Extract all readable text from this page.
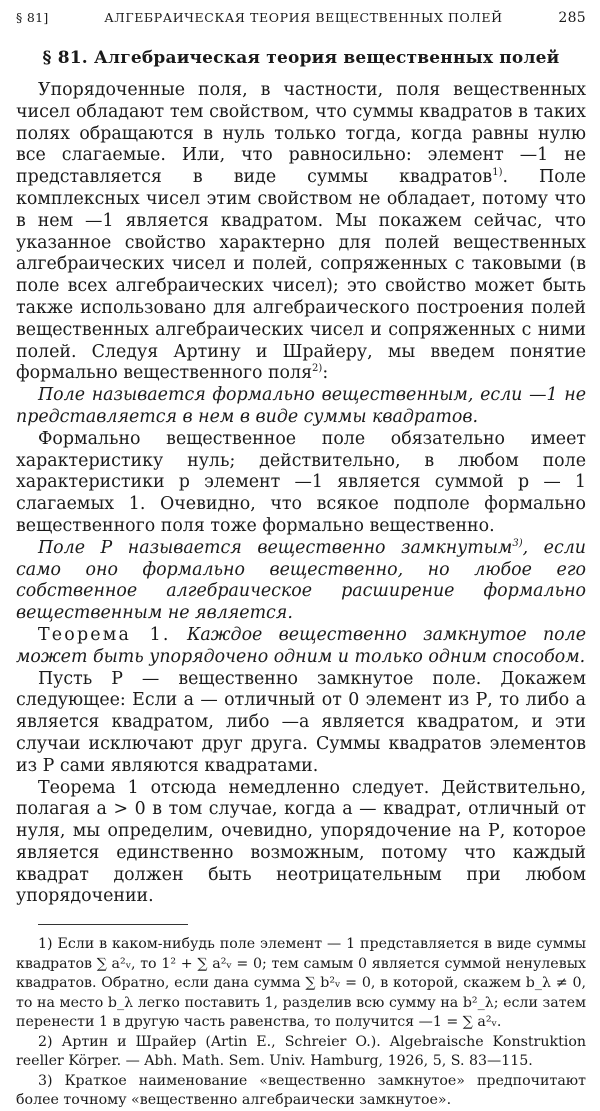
§ 81]	АЛГЕБРАИЧЕСКАЯ ТЕОРИЯ ВЕЩЕСТВЕННЫХ ПОЛЕЙ	285
§ 81. Алгебраическая теория вещественных полей

Упорядоченные поля, в частности, поля вещественных чисел обладают тем свойством, что суммы квадратов в таких полях обращаются в нуль только тогда, когда равны нулю все слагаемые. Или, что равносильно: элемент —1 не представляется в виде суммы квадратов$^{1)}$. Поле комплексных чисел этим свойством не обладает, потому что в нем —1 является квадратом. Мы покажем сейчас, что указанное свойство характерно для полей вещественных алгебраических чисел и полей, сопряженных с таковыми (в поле всех алгебраических чисел); это свойство может быть также использовано для алгебраического построения полей вещественных алгебраических чисел и сопряженных с ними полей. Следуя Артину и Шрайеру, мы введем понятие формально вещественного поля$^{2)}$:

Поле называется формально вещественным, если —1 не представляется в нем в виде суммы квадратов.

Формально вещественное поле обязательно имеет характеристику нуль; действительно, в любом поле характеристики p элемент —1 является суммой p — 1 слагаемых 1. Очевидно, что всякое подполе формально вещественного поля тоже формально вещественно.

Поле Р называется вещественно замкнутым$^{3)}$, если само оно формально вещественно, но любое его собственное алгебраическое расширение формально вещественным не является.

Теорема 1. Каждое вещественно замкнутое поле может быть упорядочено одним и только одним способом.

Пусть Р — вещественно замкнутое поле. Докажем следующее: Если a — отличный от 0 элемент из Р, то либо a является квадратом, либо —a является квадратом, и эти случаи исключают друг друга. Суммы квадратов элементов из Р сами являются квадратами.

Теорема 1 отсюда немедленно следует. Действительно, полагая a > 0 в том случае, когда a — квадрат, отличный от нуля, мы определим, очевидно, упорядочение на Р, которое является единственно возможным, потому что каждый квадрат должен быть неотрицательным при любом упорядочении.

1) Если в каком-нибудь поле элемент — 1 представляется в виде суммы квадратов ∑ a²ᵥ, то 1² + ∑ a²ᵥ = 0; тем самым 0 является суммой ненулевых квадратов. Обратно, если дана сумма ∑ b²ᵥ = 0, в которой, скажем b_λ ≠ 0, то на место b_λ легко поставить 1, разделив всю сумму на b²_λ; если затем перенести 1 в другую часть равенства, то получится —1 = ∑ a²ᵥ.

2) Артин и Шрайер (Artin E., Schreier O.). Algebraische Konstruktion reeller Körper. — Abh. Math. Sem. Univ. Hamburg, 1926, 5, S. 83—115.

3) Краткое наименование «вещественно замкнутое» предпочитают более точному «вещественно алгебраически замкнутое».
